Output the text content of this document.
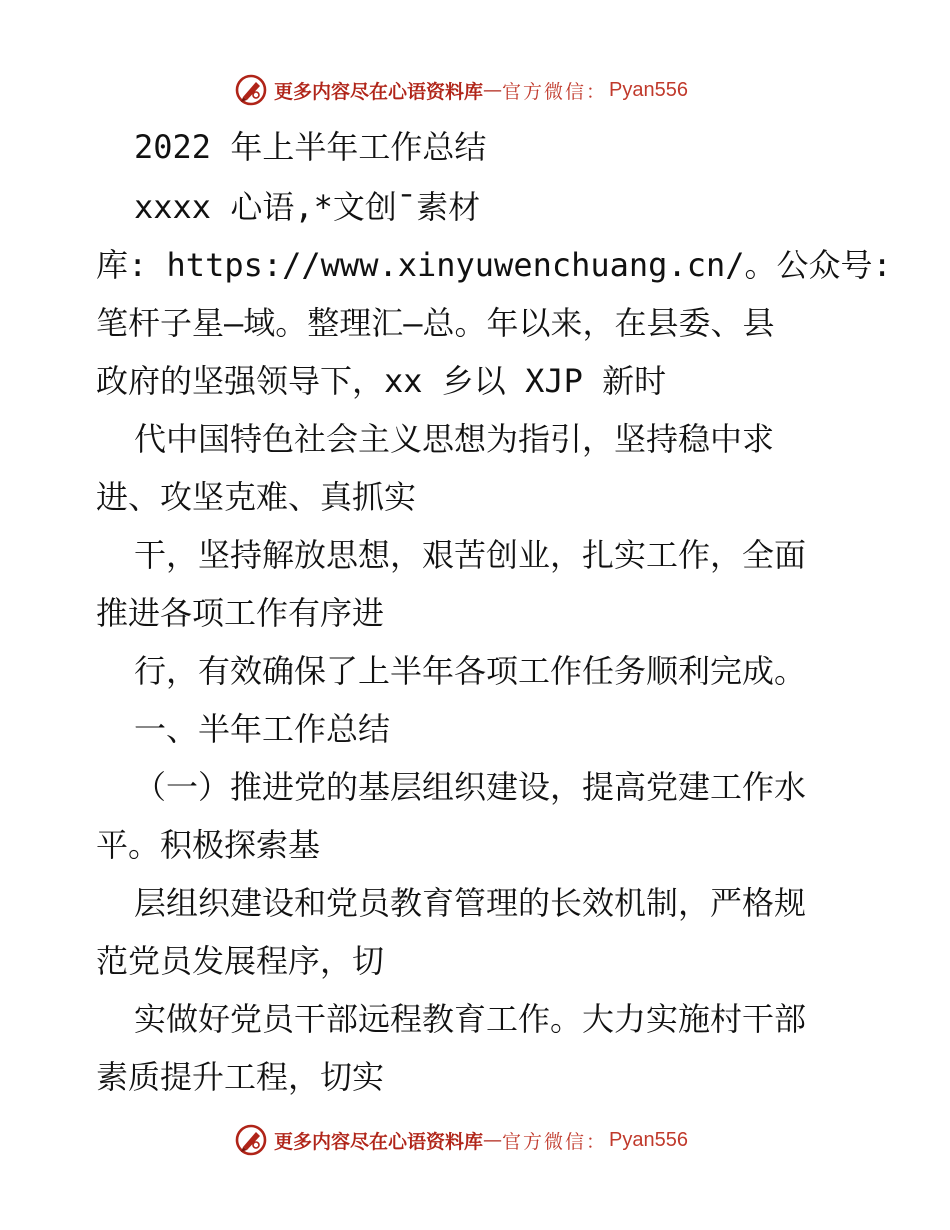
更多内容尽在心语资料库 — 官方微信： Pyan556
2022 年上半年工作总结
xxxx 心语,*文创¯素材
库: https://www.xinyuwenchuang.cn/。公众号:
笔杆子星—域。整理汇—总。年以来，在县委、县
政府的坚强领导下，xx 乡以 XJP 新时
代中国特色社会主义思想为指引，坚持稳中求
进、攻坚克难、真抓实
干，坚持解放思想，艰苦创业，扎实工作，全面
推进各项工作有序进
行，有效确保了上半年各项工作任务顺利完成。
一、半年工作总结
（一）推进党的基层组织建设，提高党建工作水
平。积极探索基
层组织建设和党员教育管理的长效机制，严格规
范党员发展程序，切
实做好党员干部远程教育工作。大力实施村干部
素质提升工程，切实
更多内容尽在心语资料库 — 官方微信： Pyan556
